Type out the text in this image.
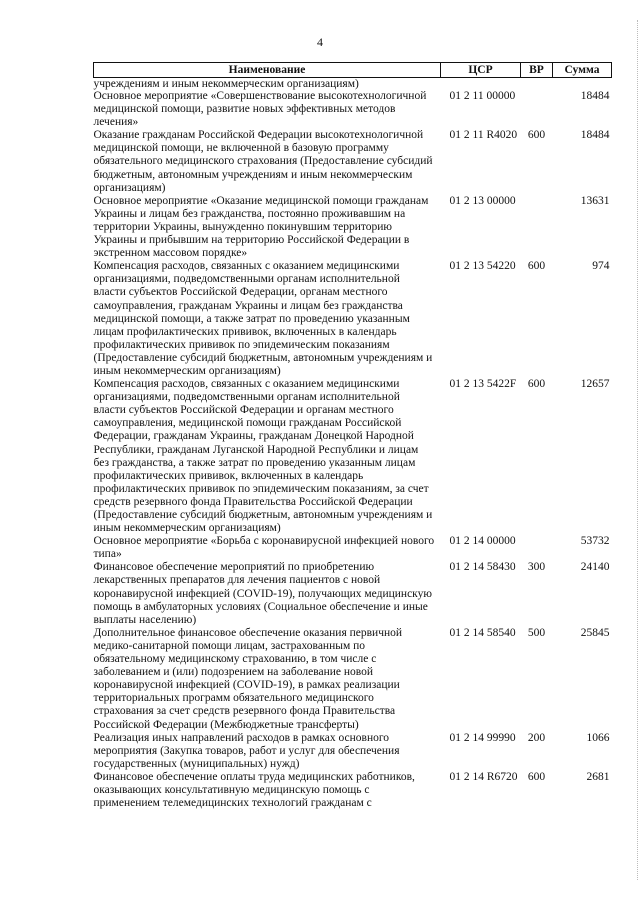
4
Наименование	ЦСР	ВР	Сумма
учреждениям и иным некоммерческим организациям)			
Основное мероприятие «Совершенствование высокотехнологичной медицинской помощи, развитие новых эффективных методов лечения»	01 2 11 00000		18484
Оказание гражданам Российской Федерации высокотехнологичной медицинской помощи, не включенной в базовую программу обязательного медицинского страхования (Предоставление субсидий бюджетным, автономным учреждениям и иным некоммерческим организациям)	01 2 11 R4020	600	18484
Основное мероприятие «Оказание медицинской помощи гражданам Украины и лицам без гражданства, постоянно проживавшим на территории Украины, вынужденно покинувшим территорию Украины и прибывшим на территорию Российской Федерации в экстренном массовом порядке»	01 2 13 00000		13631
Компенсация расходов, связанных с оказанием медицинскими организациями, подведомственными органам исполнительной власти субъектов Российской Федерации, органам местного самоуправления, гражданам Украины и лицам без гражданства медицинской помощи, а также затрат по проведению указанным лицам профилактических прививок, включенных в календарь профилактических прививок по эпидемическим показаниям (Предоставление субсидий бюджетным, автономным учреждениям и иным некоммерческим организациям)	01 2 13 54220	600	974
Компенсация расходов, связанных с оказанием медицинскими организациями, подведомственными органам исполнительной власти субъектов Российской Федерации и органам местного самоуправления, медицинской помощи гражданам Российской Федерации, гражданам Украины, гражданам Донецкой Народной Республики, гражданам Луганской Народной Республики и лицам без гражданства, а также затрат по проведению указанным лицам профилактических прививок, включенных в календарь профилактических прививок по эпидемическим показаниям, за счет средств резервного фонда Правительства Российской Федерации (Предоставление субсидий бюджетным, автономным учреждениям и иным некоммерческим организациям)	01 2 13 5422F	600	12657
Основное мероприятие «Борьба с коронавирусной инфекцией нового типа»	01 2 14 00000		53732
Финансовое обеспечение мероприятий по приобретению лекарственных препаратов для лечения пациентов с новой коронавирусной инфекцией (COVID-19), получающих медицинскую помощь в амбулаторных условиях (Социальное обеспечение и иные выплаты населению)	01 2 14 58430	300	24140
Дополнительное финансовое обеспечение оказания первичной медико-санитарной помощи лицам, застрахованным по обязательному медицинскому страхованию, в том числе с заболеванием и (или) подозрением на заболевание новой коронавирусной инфекцией (COVID-19), в рамках реализации территориальных программ обязательного медицинского страхования за счет средств резервного фонда Правительства Российской Федерации (Межбюджетные трансферты)	01 2 14 58540	500	25845
Реализация иных направлений расходов в рамках основного мероприятия (Закупка товаров, работ и услуг для обеспечения государственных (муниципальных) нужд)	01 2 14 99990	200	1066
Финансовое обеспечение оплаты труда медицинских работников, оказывающих консультативную медицинскую помощь с применением телемедицинских технологий гражданам с	01 2 14 R6720	600	2681
